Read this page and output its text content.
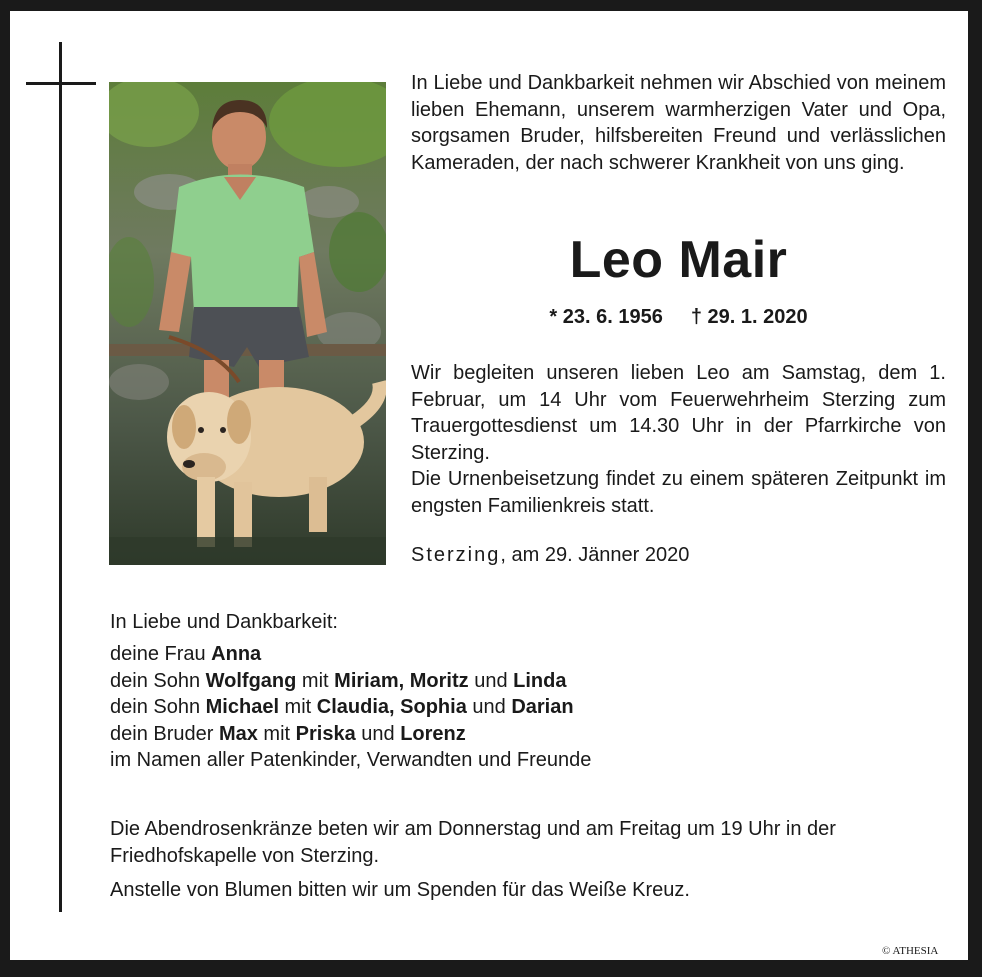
In Liebe und Dankbarkeit nehmen wir Abschied von meinem lieben Ehemann, unserem warmherzigen Vater und Opa, sorgsamen Bruder, hilfsbereiten Freund und verlässlichen Kameraden, der nach schwerer Krankheit von uns ging.

Leo Mair

* 23. 6. 1956 † 29. 1. 2020

Wir begleiten unseren lieben Leo am Samstag, dem 1. Februar, um 14 Uhr vom Feuerwehrheim Sterzing zum Trauergottesdienst um 14.30 Uhr in der Pfarrkirche von Sterzing.
Die Urnenbeisetzung findet zu einem späteren Zeitpunkt im engsten Familienkreis statt.

Sterzing, am 29. Jänner 2020

In Liebe und Dankbarkeit:

deine Frau Anna
dein Sohn Wolfgang mit Miriam, Moritz und Linda
dein Sohn Michael mit Claudia, Sophia und Darian
dein Bruder Max mit Priska und Lorenz
im Namen aller Patenkinder, Verwandten und Freunde

Die Abendrosenkränze beten wir am Donnerstag und am Freitag um 19 Uhr in der Friedhofskapelle von Sterzing.

Anstelle von Blumen bitten wir um Spenden für das Weiße Kreuz.

© ATHESIA
